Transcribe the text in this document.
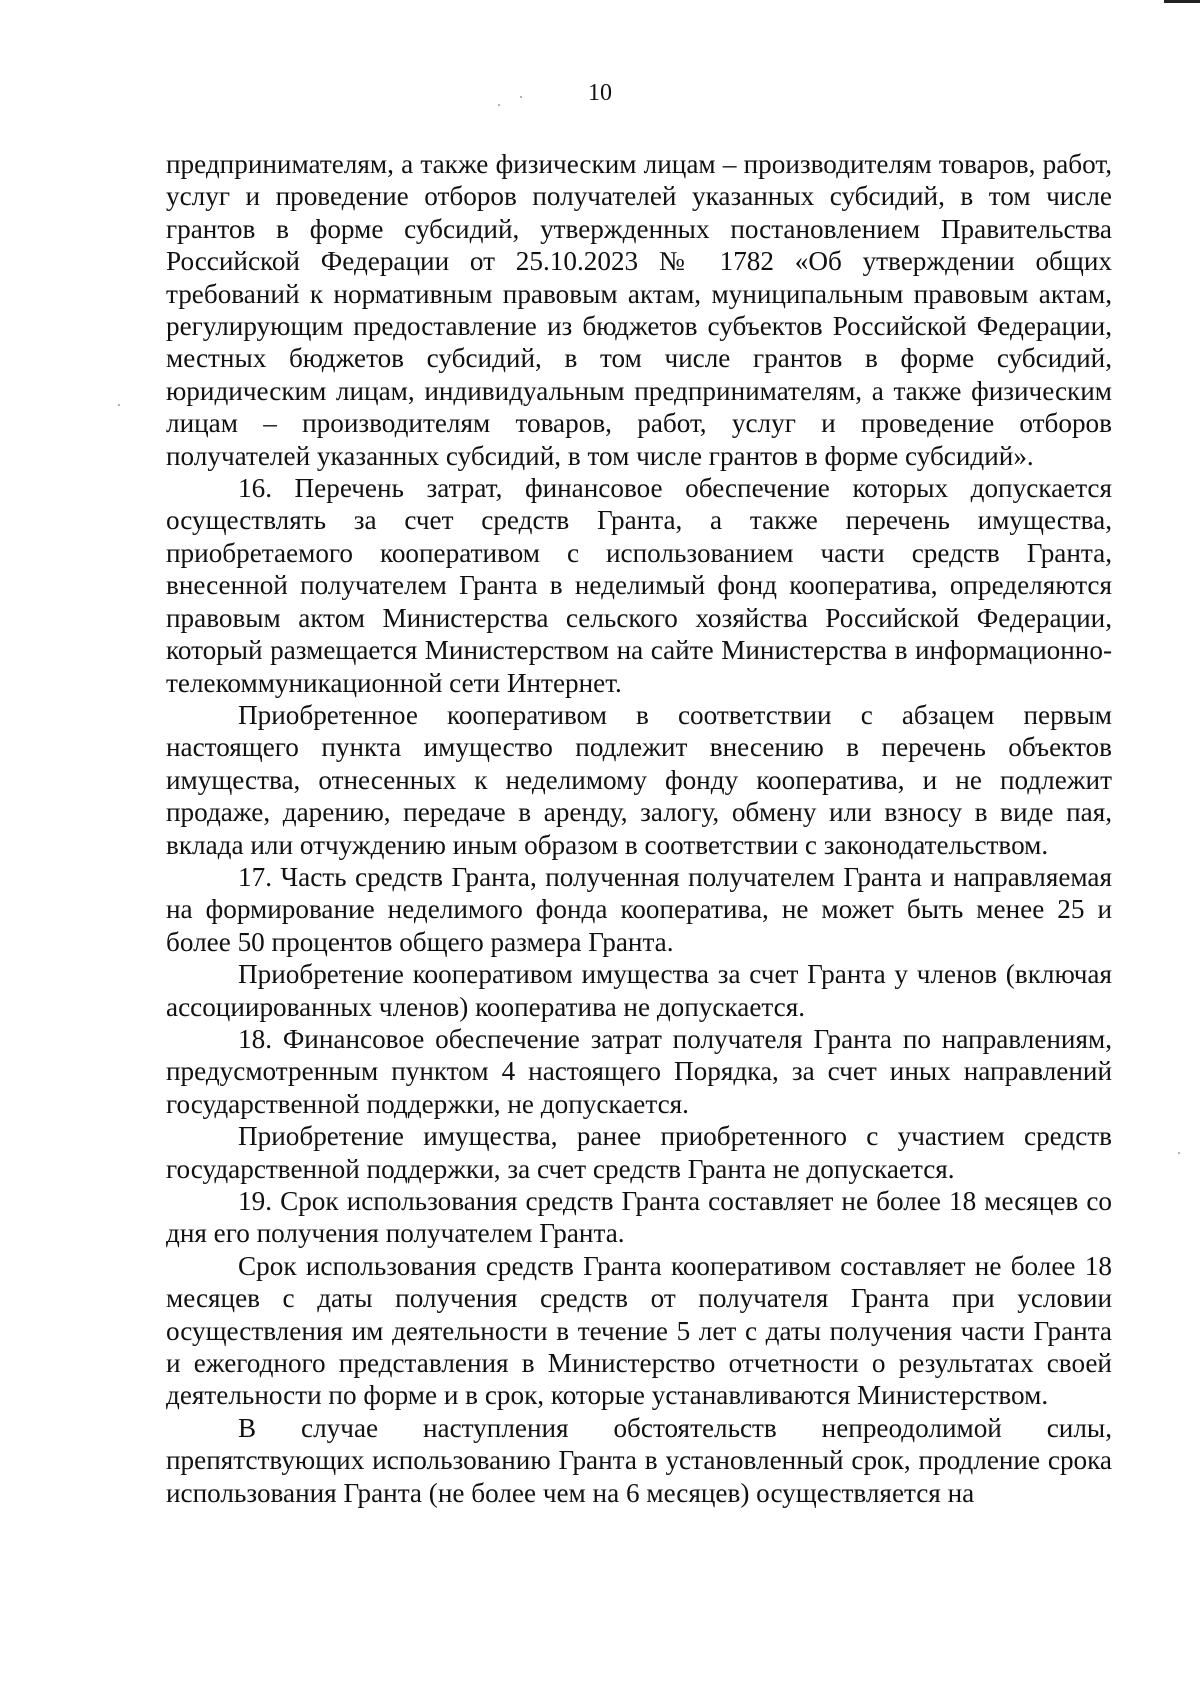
10

предпринимателям, а также физическим лицам – производителям товаров, работ, услуг и проведение отборов получателей указанных субсидий, в том числе грантов в форме субсидий, утвержденных постановлением Правительства Российской Федерации от 25.10.2023 № 1782 «Об утверждении общих требований к нормативным правовым актам, муниципальным правовым актам, регулирующим предоставление из бюджетов субъектов Российской Федерации, местных бюджетов субсидий, в том числе грантов в форме субсидий, юридическим лицам, индивидуальным предпринимателям, а также физическим лицам – производителям товаров, работ, услуг и проведение отборов получателей указанных субсидий, в том числе грантов в форме субсидий».

16. Перечень затрат, финансовое обеспечение которых допускается осуществлять за счет средств Гранта, а также перечень имущества, приобретаемого кооперативом с использованием части средств Гранта, внесенной получателем Гранта в неделимый фонд кооператива, определяются правовым актом Министерства сельского хозяйства Российской Федерации, который размещается Министерством на сайте Министерства в информационно-телекоммуникационной сети Интернет.

Приобретенное кооперативом в соответствии с абзацем первым настоящего пункта имущество подлежит внесению в перечень объектов имущества, отнесенных к неделимому фонду кооператива, и не подлежит продаже, дарению, передаче в аренду, залогу, обмену или взносу в виде пая, вклада или отчуждению иным образом в соответствии с законодательством.

17. Часть средств Гранта, полученная получателем Гранта и направляемая на формирование неделимого фонда кооператива, не может быть менее 25 и более 50 процентов общего размера Гранта.

Приобретение кооперативом имущества за счет Гранта у членов (включая ассоциированных членов) кооператива не допускается.

18. Финансовое обеспечение затрат получателя Гранта по направлениям, предусмотренным пунктом 4 настоящего Порядка, за счет иных направлений государственной поддержки, не допускается.

Приобретение имущества, ранее приобретенного с участием средств государственной поддержки, за счет средств Гранта не допускается.

19. Срок использования средств Гранта составляет не более 18 месяцев со дня его получения получателем Гранта.

Срок использования средств Гранта кооперативом составляет не более 18 месяцев с даты получения средств от получателя Гранта при условии осуществления им деятельности в течение 5 лет с даты получения части Гранта и ежегодного представления в Министерство отчетности о результатах своей деятельности по форме и в срок, которые устанавливаются Министерством.

В случае наступления обстоятельств непреодолимой силы, препятствующих использованию Гранта в установленный срок, продление срока использования Гранта (не более чем на 6 месяцев) осуществляется на
